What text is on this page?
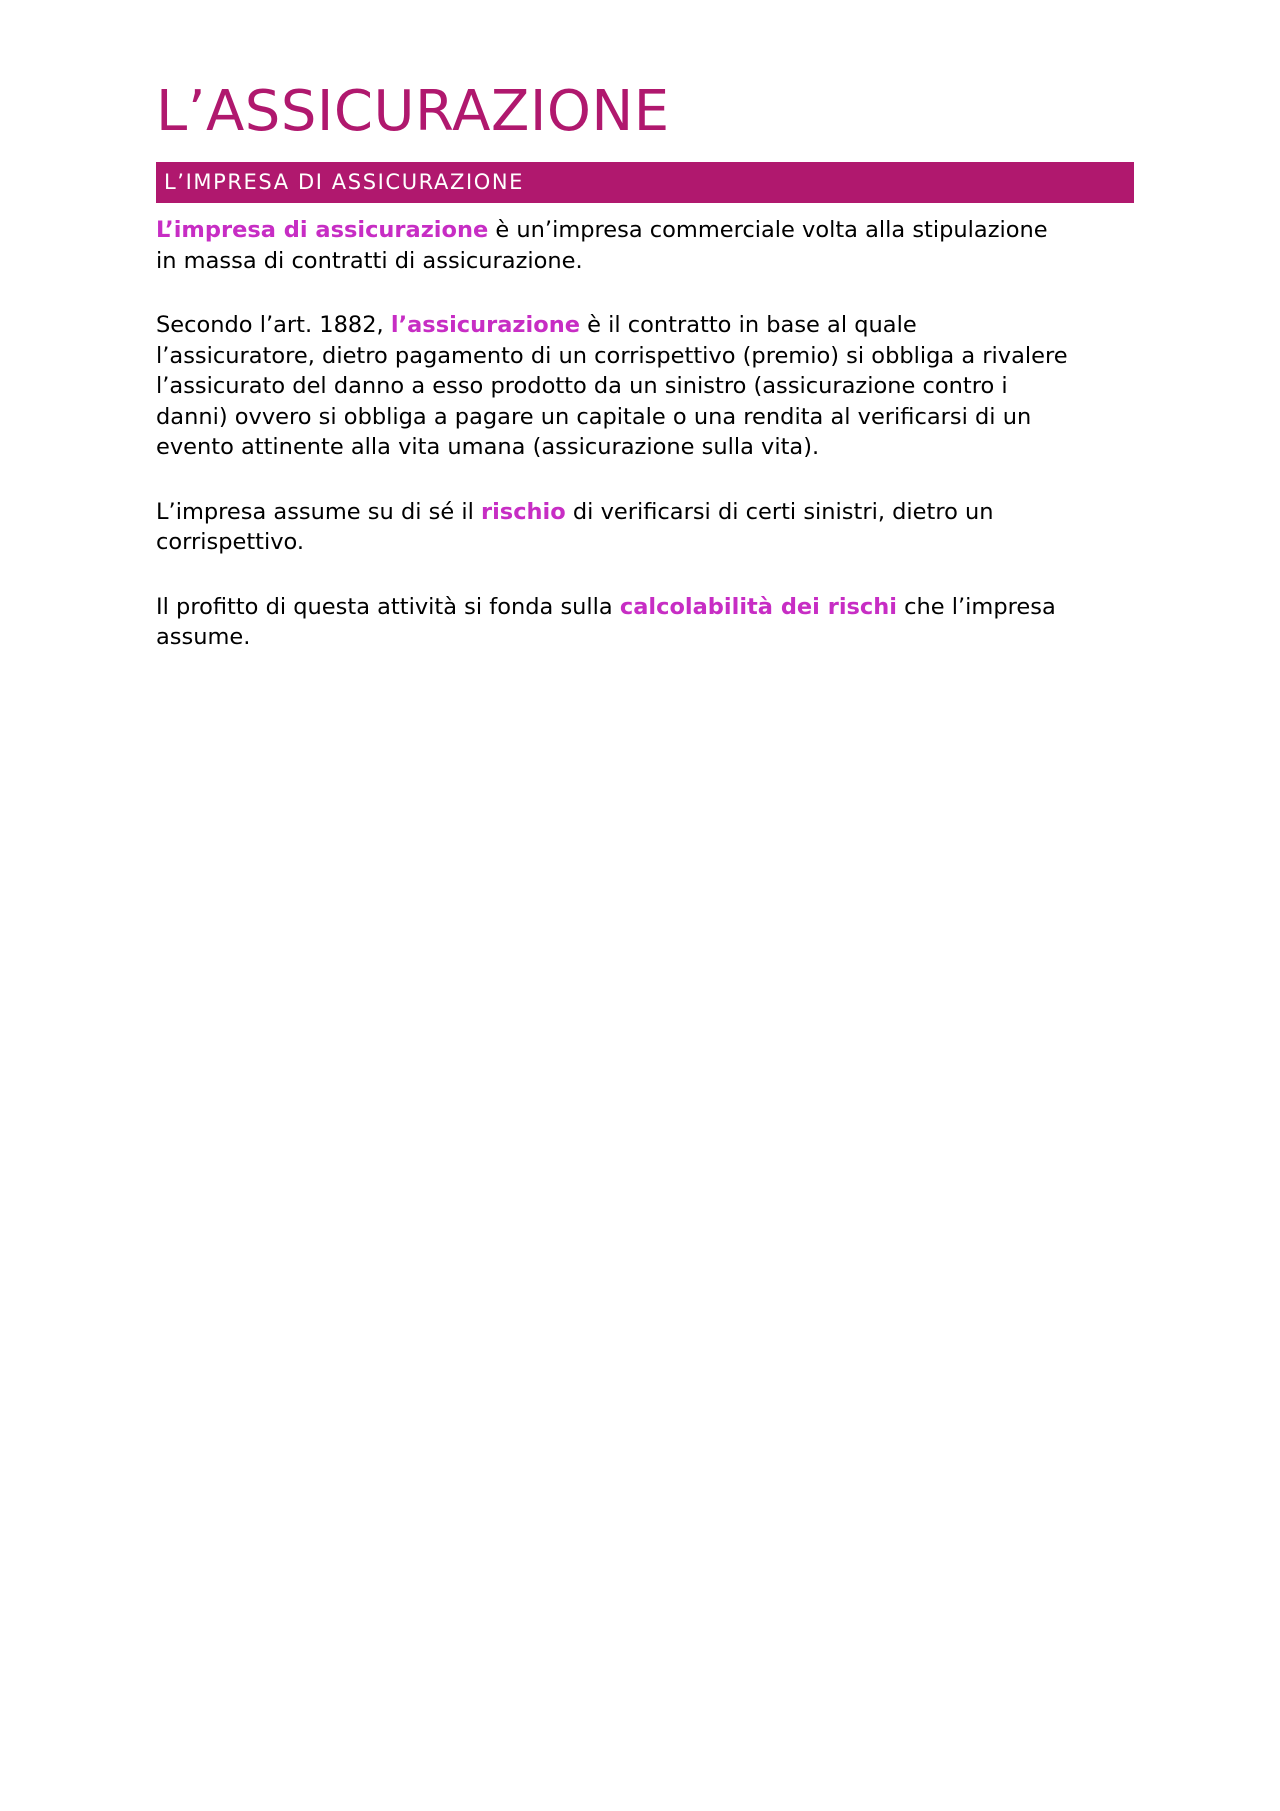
L’ASSICURAZIONE
L’IMPRESA DI ASSICURAZIONE

L’impresa di assicurazione è un’impresa commerciale volta alla stipulazione
in massa di contratti di assicurazione.

Secondo l’art. 1882, l’assicurazione è il contratto in base al quale
l’assicuratore, dietro pagamento di un corrispettivo (premio) si obbliga a rivalere
l’assicurato del danno a esso prodotto da un sinistro (assicurazione contro i
danni) ovvero si obbliga a pagare un capitale o una rendita al verificarsi di un
evento attinente alla vita umana (assicurazione sulla vita).

L’impresa assume su di sé il rischio di verificarsi di certi sinistri, dietro un
corrispettivo.

Il profitto di questa attività si fonda sulla calcolabilità dei rischi che l’impresa
assume.
